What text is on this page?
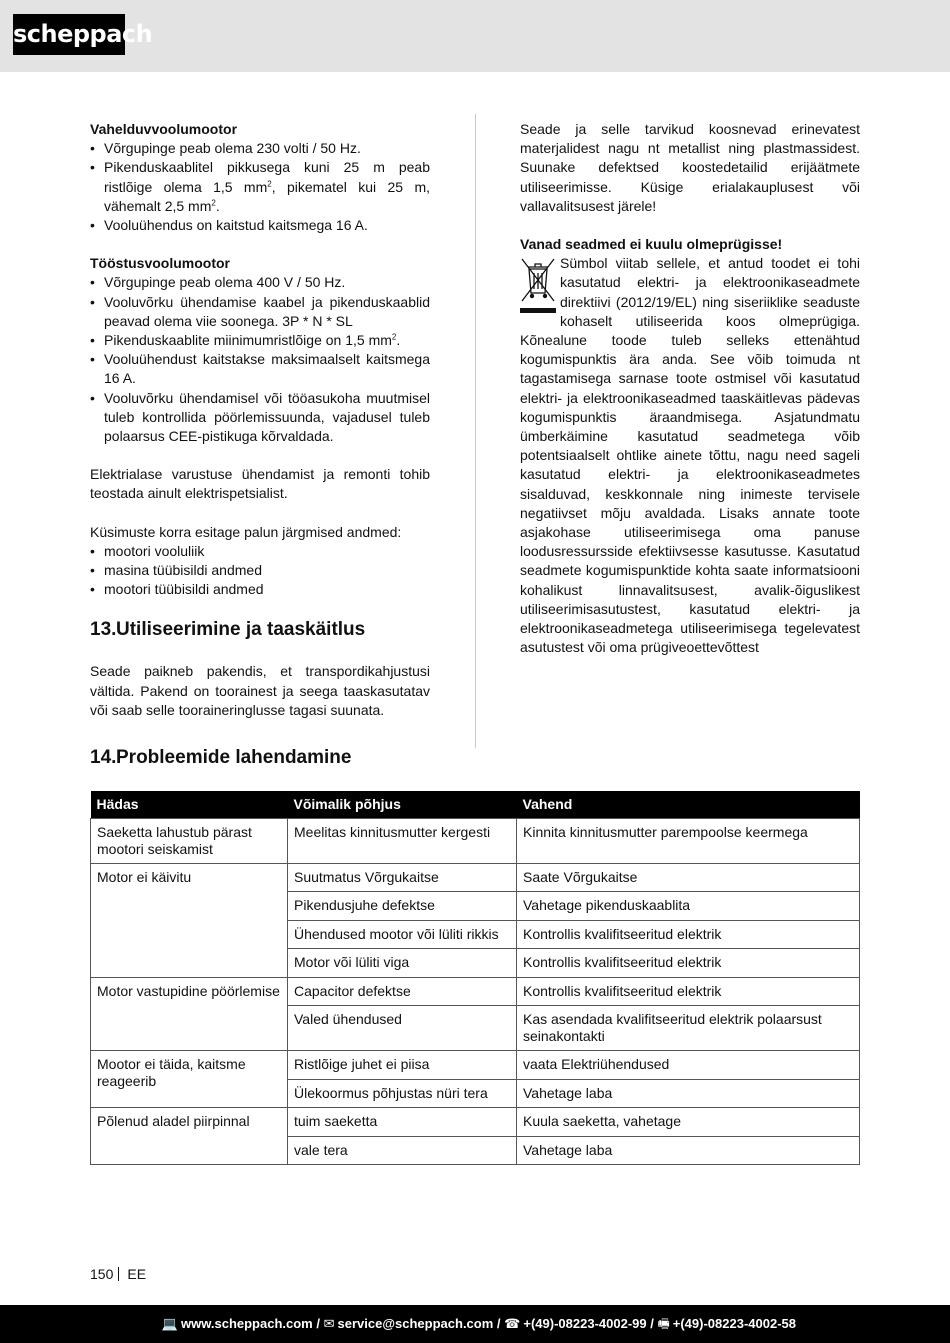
scheppach
Vahelduvvoolumootor
• Võrgupinge peab olema 230 volti / 50 Hz.
• Pikenduskaablitel pikkusega kuni 25 m peab ristlõige olema 1,5 $mm^2$, pikematel kui 25 m, vähemalt 2,5 $mm^2$.
• Vooluühendus on kaitstud kaitsmega 16 A.
Tööstusvoolumootor
• Võrgupinge peab olema 400 V / 50 Hz.
• Vooluvõrku ühendamise kaabel ja pikenduskaablid peavad olema viie soonega. 3P * N * SL
• Pikenduskaablite miinimumristlõige on 1,5 $mm^2$.
• Vooluühendust kaitstakse maksimaalselt kaitsmega 16 A.
• Vooluvõrku ühendamisel või tööasukoha muutmisel tuleb kontrollida pöörlemissuunda, vajadusel tuleb polaarsus CEE-pistikuga kõrvaldada.
Elektrialase varustuse ühendamist ja remonti tohib teostada ainult elektrispetsialist.
Küsimuste korra esitage palun järgmised andmed:
• mootori vooluliik
• masina tüübisildi andmed
• mootori tüübisildi andmed
13.Utiliseerimine ja taaskäitlus
Seade paikneb pakendis, et transpordikahjustusi vältida. Pakend on toorainest ja seega taaskasutatav või saab selle tooraineringlusse tagasi suunata.
Seade ja selle tarvikud koosnevad erinevatest materjalidest nagu nt metallist ning plastmassidest. Suunake defektsed koostedetailid erijäätmete utiliseerimisse. Küsige erialakauplusest või vallavalitsusest järele!
Vanad seadmed ei kuulu olmeprügisse!
Sümbol viitab sellele, et antud toodet ei tohi kasutatud elektri- ja elektroonikaseadmete direktiivi (2012/19/EL) ning siseriiklike seaduste kohaselt utiliseerida koos olmeprügiga. Kõnealune toode tuleb selleks ettenähtud kogumispunktis ära anda. See võib toimuda nt tagastamisega sarnase toote ostmisel või kasutatud elektri- ja elektroonikaseadmed taaskäitlevas pädevas kogumispunktis äraandmisega. Asjatundmatu ümberkäimine kasutatud seadmetega võib potentsiaalselt ohtlike ainete tõttu, nagu need sageli kasutatud elektri- ja elektroonikaseadmetes sisalduvad, keskkonnale ning inimeste tervisele negatiivset mõju avaldada. Lisaks annate toote asjakohase utiliseerimisega oma panuse loodusressursside efektiivsesse kasutusse. Kasutatud seadmete kogumispunktide kohta saate informatsiooni kohalikust linnavalitsusest, avalik-õiguslikest utiliseerimisasutustest, kasutatud elektri- ja elektroonikaseadmetega utiliseerimisega tegelevatest asutustest või oma prügiveoettevõttest
14.Probleemide lahendamine
Hädas	Võimalik põhjus	Vahend
Saeketta lahustub pärast mootori seiskamist	Meelitas kinnitusmutter kergesti	Kinnita kinnitusmutter parempoolse keermega
Motor ei käivitu	Suutmatus Võrgukaitse	Saate Võrgukaitse
	Pikendusjuhe defektse	Vahetage pikenduskaablita
	Ühendused mootor või lüliti rikkis	Kontrollis kvalifitseeritud elektrik
	Motor või lüliti viga	Kontrollis kvalifitseeritud elektrik
Motor vastupidine pöörlemise	Capacitor defektse	Kontrollis kvalifitseeritud elektrik
	Valed ühendused	Kas asendada kvalifitseeritud elektrik polaarsust seinakontakti
Mootor ei täida, kaitsme reageerib	Ristlõige juhet ei piisa	vaata Elektriühendused
	Ülekoormus põhjustas nüri tera	Vahetage laba
Põlenud aladel piirpinnal	tuim saeketta	Kuula saeketta, vahetage
	vale tera	Vahetage laba
150 EE
💻 www.scheppach.com / ✉ service@scheppach.com / ☎ +(49)-08223-4002-99 / 🖷 +(49)-08223-4002-58
